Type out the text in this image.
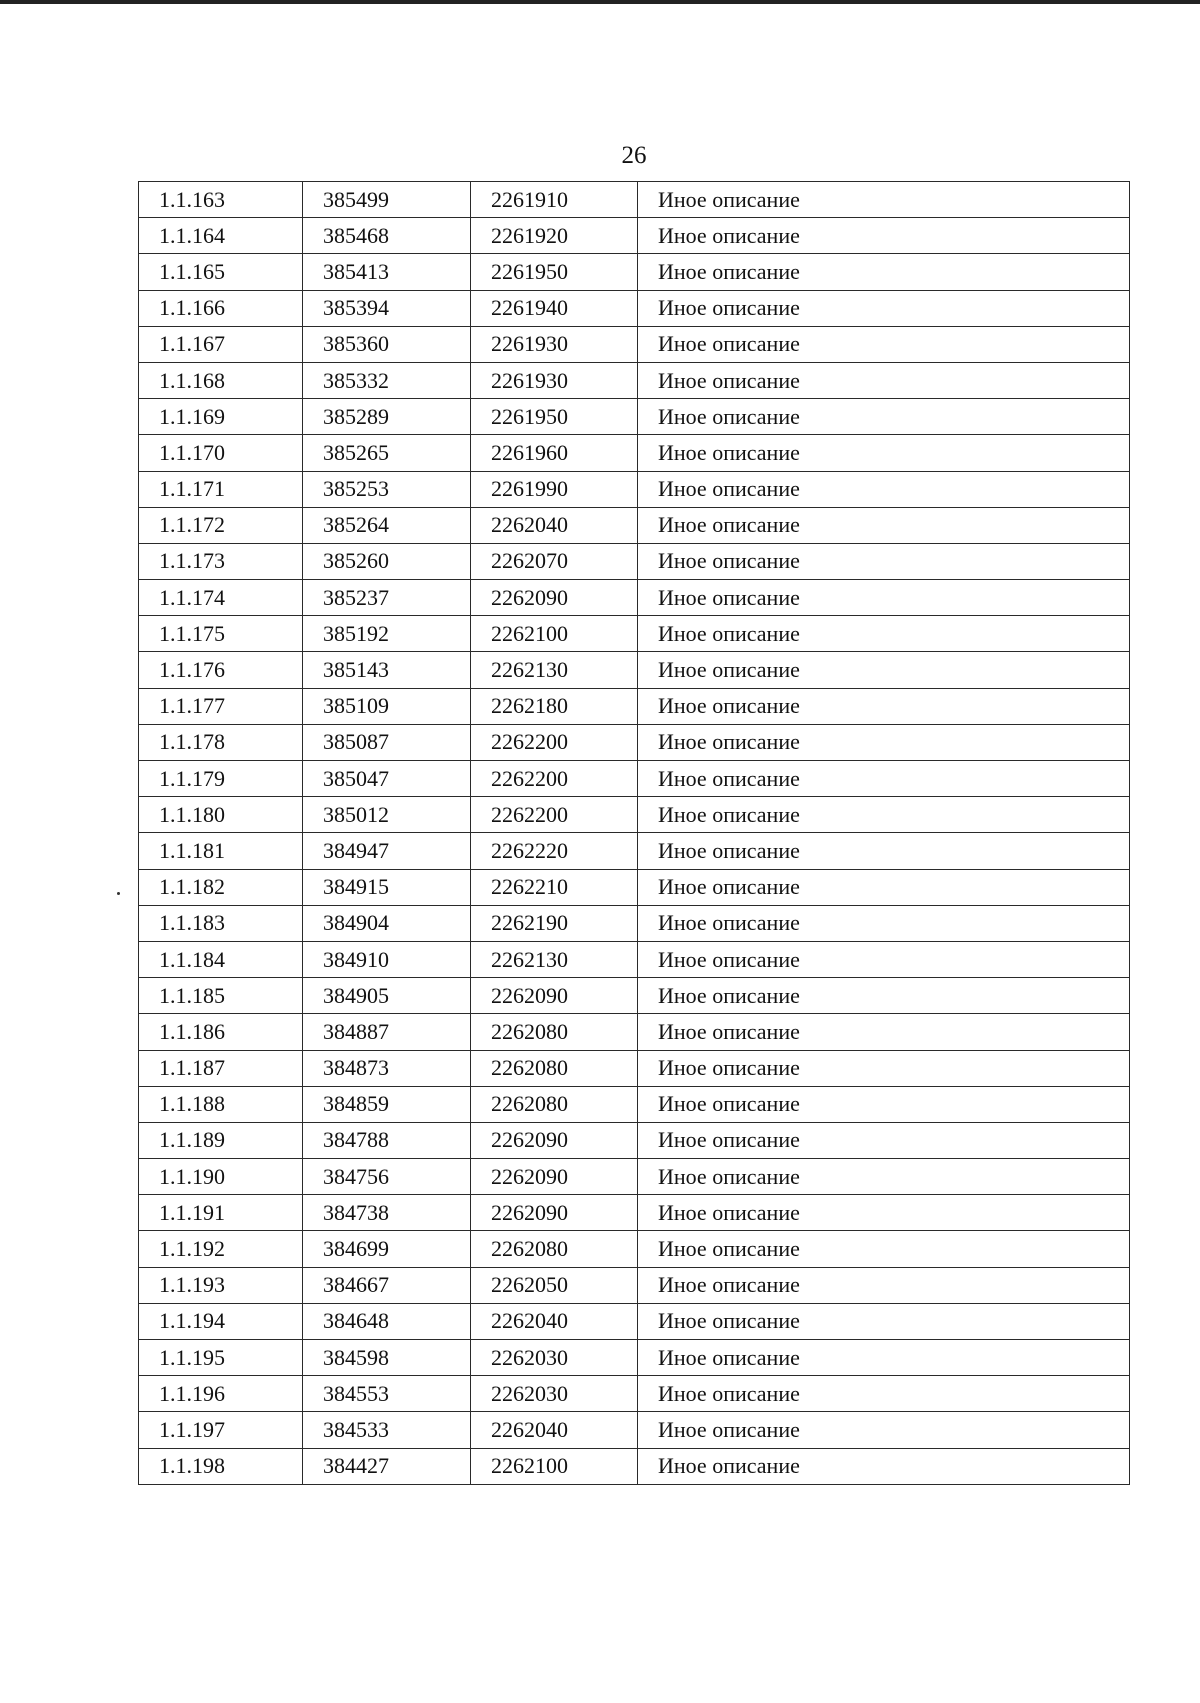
26
1.1.163	385499	2261910	Иное описание
1.1.164	385468	2261920	Иное описание
1.1.165	385413	2261950	Иное описание
1.1.166	385394	2261940	Иное описание
1.1.167	385360	2261930	Иное описание
1.1.168	385332	2261930	Иное описание
1.1.169	385289	2261950	Иное описание
1.1.170	385265	2261960	Иное описание
1.1.171	385253	2261990	Иное описание
1.1.172	385264	2262040	Иное описание
1.1.173	385260	2262070	Иное описание
1.1.174	385237	2262090	Иное описание
1.1.175	385192	2262100	Иное описание
1.1.176	385143	2262130	Иное описание
1.1.177	385109	2262180	Иное описание
1.1.178	385087	2262200	Иное описание
1.1.179	385047	2262200	Иное описание
1.1.180	385012	2262200	Иное описание
1.1.181	384947	2262220	Иное описание
1.1.182	384915	2262210	Иное описание
1.1.183	384904	2262190	Иное описание
1.1.184	384910	2262130	Иное описание
1.1.185	384905	2262090	Иное описание
1.1.186	384887	2262080	Иное описание
1.1.187	384873	2262080	Иное описание
1.1.188	384859	2262080	Иное описание
1.1.189	384788	2262090	Иное описание
1.1.190	384756	2262090	Иное описание
1.1.191	384738	2262090	Иное описание
1.1.192	384699	2262080	Иное описание
1.1.193	384667	2262050	Иное описание
1.1.194	384648	2262040	Иное описание
1.1.195	384598	2262030	Иное описание
1.1.196	384553	2262030	Иное описание
1.1.197	384533	2262040	Иное описание
1.1.198	384427	2262100	Иное описание
